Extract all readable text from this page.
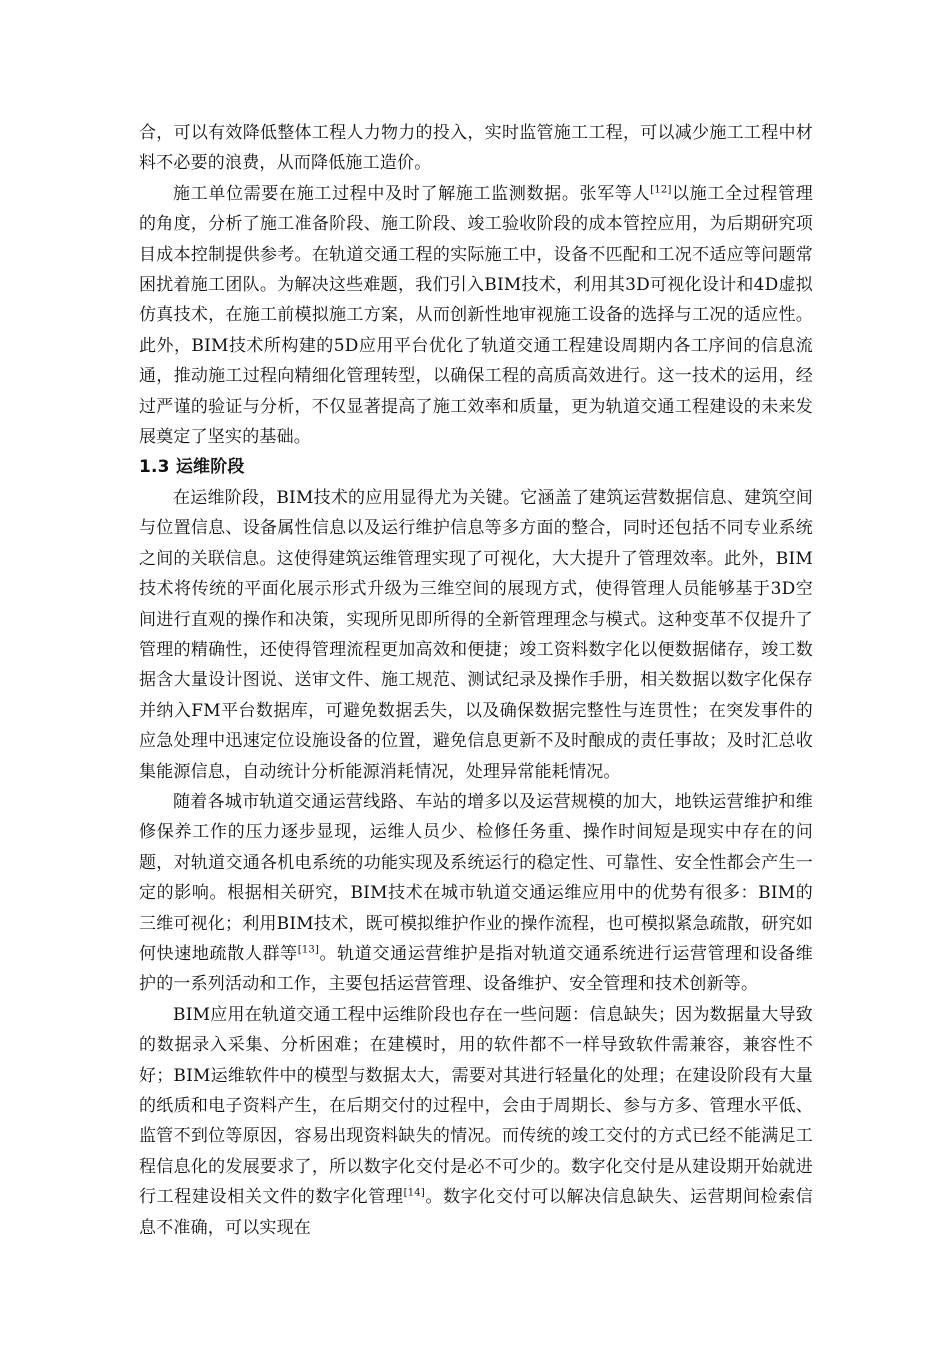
合，可以有效降低整体工程人力物力的投入，实时监管施工工程，可以减少施工工程中材料不必要的浪费，从而降低施工造价。

施工单位需要在施工过程中及时了解施工监测数据。张军等人[12]以施工全过程管理的角度，分析了施工准备阶段、施工阶段、竣工验收阶段的成本管控应用，为后期研究项目成本控制提供参考。在轨道交通工程的实际施工中，设备不匹配和工况不适应等问题常困扰着施工团队。为解决这些难题，我们引入BIM技术，利用其3D可视化设计和4D虚拟仿真技术，在施工前模拟施工方案，从而创新性地审视施工设备的选择与工况的适应性。此外，BIM技术所构建的5D应用平台优化了轨道交通工程建设周期内各工序间的信息流通，推动施工过程向精细化管理转型，以确保工程的高质高效进行。这一技术的运用，经过严谨的验证与分析，不仅显著提高了施工效率和质量，更为轨道交通工程建设的未来发展奠定了坚实的基础。

1.3 运维阶段

在运维阶段，BIM技术的应用显得尤为关键。它涵盖了建筑运营数据信息、建筑空间与位置信息、设备属性信息以及运行维护信息等多方面的整合，同时还包括不同专业系统之间的关联信息。这使得建筑运维管理实现了可视化，大大提升了管理效率。此外，BIM技术将传统的平面化展示形式升级为三维空间的展现方式，使得管理人员能够基于3D空间进行直观的操作和决策，实现所见即所得的全新管理理念与模式。这种变革不仅提升了管理的精确性，还使得管理流程更加高效和便捷；竣工资料数字化以便数据储存，竣工数据含大量设计图说、送审文件、施工规范、测试纪录及操作手册，相关数据以数字化保存并纳入FM平台数据库，可避免数据丢失，以及确保数据完整性与连贯性；在突发事件的应急处理中迅速定位设施设备的位置，避免信息更新不及时酿成的责任事故；及时汇总收集能源信息，自动统计分析能源消耗情况，处理异常能耗情况。

随着各城市轨道交通运营线路、车站的增多以及运营规模的加大，地铁运营维护和维修保养工作的压力逐步显现，运维人员少、检修任务重、操作时间短是现实中存在的问题，对轨道交通各机电系统的功能实现及系统运行的稳定性、可靠性、安全性都会产生一定的影响。根据相关研究，BIM技术在城市轨道交通运维应用中的优势有很多：BIM的三维可视化；利用BIM技术，既可模拟维护作业的操作流程，也可模拟紧急疏散，研究如何快速地疏散人群等[13]。轨道交通运营维护是指对轨道交通系统进行运营管理和设备维护的一系列活动和工作，主要包括运营管理、设备维护、安全管理和技术创新等。

BIM应用在轨道交通工程中运维阶段也存在一些问题：信息缺失；因为数据量大导致的数据录入采集、分析困难；在建模时，用的软件都不一样导致软件需兼容，兼容性不好；BIM运维软件中的模型与数据太大，需要对其进行轻量化的处理；在建设阶段有大量的纸质和电子资料产生，在后期交付的过程中，会由于周期长、参与方多、管理水平低、监管不到位等原因，容易出现资料缺失的情况。而传统的竣工交付的方式已经不能满足工程信息化的发展要求了，所以数字化交付是必不可少的。数字化交付是从建设期开始就进行工程建设相关文件的数字化管理[14]。数字化交付可以解决信息缺失、运营期间检索信息不准确，可以实现在
